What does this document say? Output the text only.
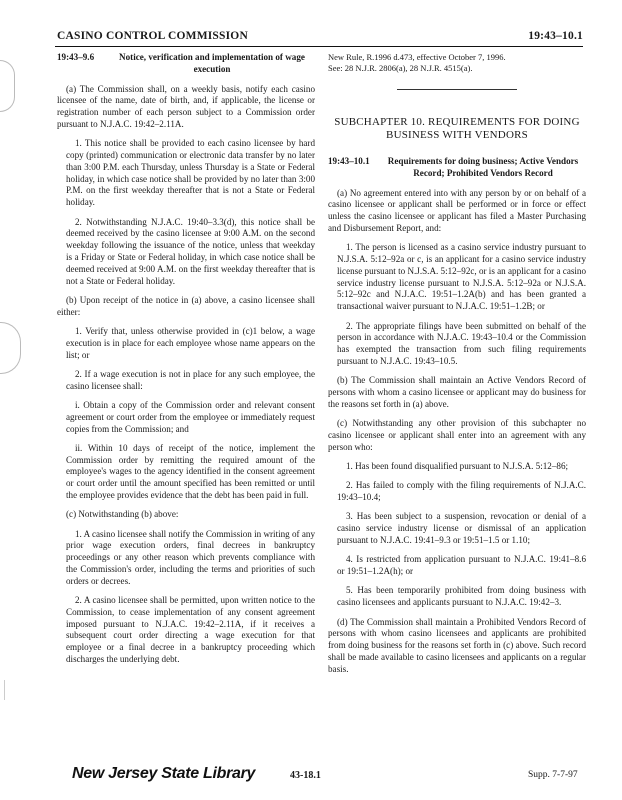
CASINO CONTROL COMMISSION	19:43–10.1
19:43–9.6	Notice, verification and implementation of wage execution

(a) The Commission shall, on a weekly basis, notify each casino licensee of the name, date of birth, and, if applicable, the license or registration number of each person subject to a Commission order pursuant to N.J.A.C. 19:42–2.11A.

1. This notice shall be provided to each casino licensee by hard copy (printed) communication or electronic data transfer by no later than 3:00 P.M. each Thursday, unless Thursday is a State or Federal holiday, in which case notice shall be provided by no later than 3:00 P.M. on the first weekday thereafter that is not a State or Federal holiday.

2. Notwithstanding N.J.A.C. 19:40–3.3(d), this notice shall be deemed received by the casino licensee at 9:00 A.M. on the second weekday following the issuance of the notice, unless that weekday is a Friday or State or Federal holiday, in which case notice shall be deemed received at 9:00 A.M. on the first weekday thereafter that is not a State or Federal holiday.

(b) Upon receipt of the notice in (a) above, a casino licensee shall either:

1. Verify that, unless otherwise provided in (c)1 below, a wage execution is in place for each employee whose name appears on the list; or

2. If a wage execution is not in place for any such employee, the casino licensee shall:

i. Obtain a copy of the Commission order and relevant consent agreement or court order from the employee or immediately request copies from the Commission; and

ii. Within 10 days of receipt of the notice, implement the Commission order by remitting the required amount of the employee's wages to the agency identified in the consent agreement or court order until the amount specified has been remitted or until the employee provides evidence that the debt has been paid in full.

(c) Notwithstanding (b) above:

1. A casino licensee shall notify the Commission in writing of any prior wage execution orders, final decrees in bankruptcy proceedings or any other reason which prevents compliance with the Commission's order, including the terms and priorities of such orders or decrees.

2. A casino licensee shall be permitted, upon written notice to the Commission, to cease implementation of any consent agreement imposed pursuant to N.J.A.C. 19:42–2.11A, if it receives a subsequent court order directing a wage execution for that employee or a final decree in a bankruptcy proceeding which discharges the underlying debt.

New Rule, R.1996 d.473, effective October 7, 1996.
See: 28 N.J.R. 2806(a), 28 N.J.R. 4515(a).
SUBCHAPTER 10. REQUIREMENTS FOR DOING BUSINESS WITH VENDORS
19:43–10.1	Requirements for doing business; Active Vendors Record; Prohibited Vendors Record

(a) No agreement entered into with any person by or on behalf of a casino licensee or applicant shall be performed or in force or effect unless the casino licensee or applicant has filed a Master Purchasing and Disbursement Report, and:

1. The person is licensed as a casino service industry pursuant to N.J.S.A. 5:12–92a or c, is an applicant for a casino service industry license pursuant to N.J.S.A. 5:12–92c, or is an applicant for a casino service industry license pursuant to N.J.S.A. 5:12–92a or N.J.S.A. 5:12–92c and N.J.A.C. 19:51–1.2A(b) and has been granted a transactional waiver pursuant to N.J.A.C. 19:51–1.2B; or

2. The appropriate filings have been submitted on behalf of the person in accordance with N.J.A.C. 19:43–10.4 or the Commission has exempted the transaction from such filing requirements pursuant to N.J.A.C. 19:43–10.5.

(b) The Commission shall maintain an Active Vendors Record of persons with whom a casino licensee or applicant may do business for the reasons set forth in (a) above.

(c) Notwithstanding any other provision of this subchapter no casino licensee or applicant shall enter into an agreement with any person who:

1. Has been found disqualified pursuant to N.J.S.A. 5:12–86;

2. Has failed to comply with the filing requirements of N.J.A.C. 19:43–10.4;

3. Has been subject to a suspension, revocation or denial of a casino service industry license or dismissal of an application pursuant to N.J.A.C. 19:41–9.3 or 19:51–1.5 or 1.10;

4. Is restricted from application pursuant to N.J.A.C. 19:41–8.6 or 19:51–1.2A(h); or

5. Has been temporarily prohibited from doing business with casino licensees and applicants pursuant to N.J.A.C. 19:42–3.

(d) The Commission shall maintain a Prohibited Vendors Record of persons with whom casino licensees and applicants are prohibited from doing business for the reasons set forth in (c) above. Such record shall be made available to casino licensees and applicants on a regular basis.

New Jersey State Library	43-18.1	Supp. 7-7-97
